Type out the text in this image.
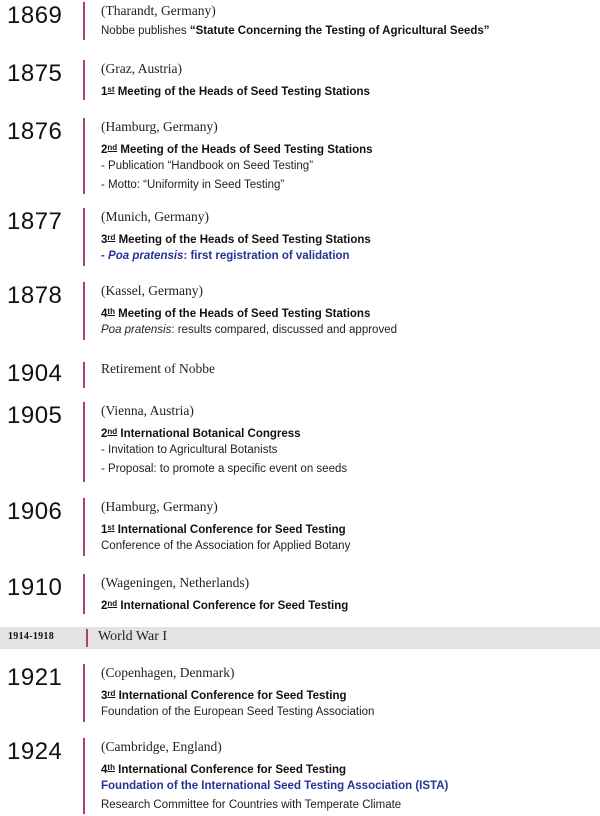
1869	(Tharandt, Germany)
Nobbe publishes “Statute Concerning the Testing of Agricultural Seeds”
1875	(Graz, Austria)
1st Meeting of the Heads of Seed Testing Stations
1876	(Hamburg, Germany)
2nd Meeting of the Heads of Seed Testing Stations
- Publication “Handbook on Seed Testing”
- Motto: “Uniformity in Seed Testing”
1877	(Munich, Germany)
3rd Meeting of the Heads of Seed Testing Stations
- Poa pratensis: first registration of validation
1878	(Kassel, Germany)
4th Meeting of the Heads of Seed Testing Stations
Poa pratensis: results compared, discussed and approved
1904	Retirement of Nobbe
1905	(Vienna, Austria)
2nd International Botanical Congress
- Invitation to Agricultural Botanists
- Proposal: to promote a specific event on seeds
1906	(Hamburg, Germany)
1st International Conference for Seed Testing
Conference of the Association for Applied Botany
1910	(Wageningen, Netherlands)
2nd International Conference for Seed Testing
1914-1918	World War I
1921	(Copenhagen, Denmark)
3rd International Conference for Seed Testing
Foundation of the European Seed Testing Association
1924	(Cambridge, England)
4th International Conference for Seed Testing
Foundation of the International Seed Testing Association (ISTA)
Research Committee for Countries with Temperate Climate
